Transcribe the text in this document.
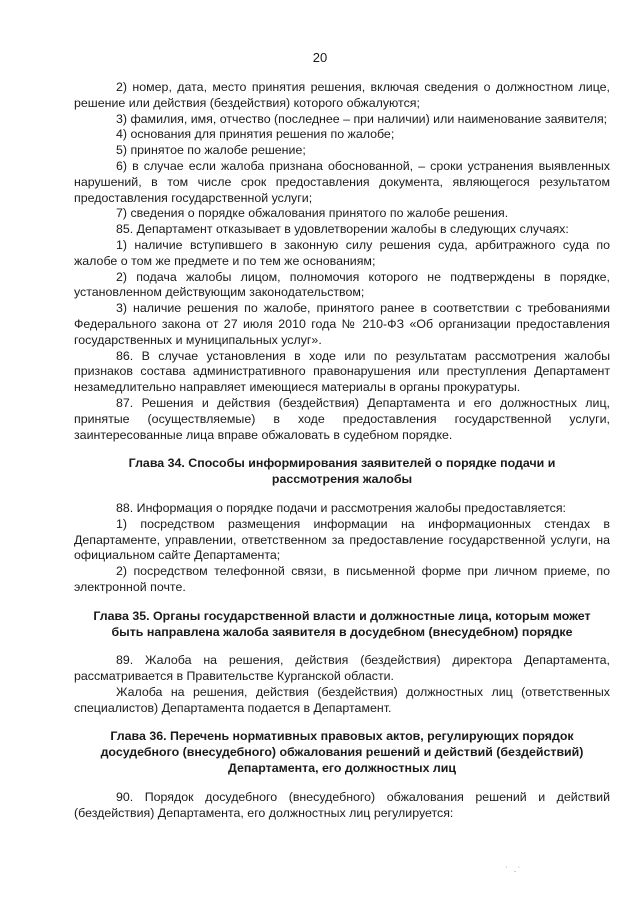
20

2) номер, дата, место принятия решения, включая сведения о должностном лице, решение или действия (бездействия) которого обжалуются;

3) фамилия, имя, отчество (последнее – при наличии) или наименование заявителя;

4) основания для принятия решения по жалобе;

5) принятое по жалобе решение;

6) в случае если жалоба признана обоснованной, – сроки устранения выявленных нарушений, в том числе срок предоставления документа, являющегося результатом предоставления государственной услуги;

7) сведения о порядке обжалования принятого по жалобе решения.

85. Департамент отказывает в удовлетворении жалобы в следующих случаях:

1) наличие вступившего в законную силу решения суда, арбитражного суда по жалобе о том же предмете и по тем же основаниям;

2) подача жалобы лицом, полномочия которого не подтверждены в порядке, установленном действующим законодательством;

3) наличие решения по жалобе, принятого ранее в соответствии с требованиями Федерального закона от 27 июля 2010 года № 210-ФЗ «Об организации предоставления государственных и муниципальных услуг».

86. В случае установления в ходе или по результатам рассмотрения жалобы признаков состава административного правонарушения или преступления Департамент незамедлительно направляет имеющиеся материалы в органы прокуратуры.

87. Решения и действия (бездействия) Департамента и его должностных лиц, принятые (осуществляемые) в ходе предоставления государственной услуги, заинтересованные лица вправе обжаловать в судебном порядке.

Глава 34. Способы информирования заявителей о порядке подачи и рассмотрения жалобы

88. Информация о порядке подачи и рассмотрения жалобы предоставляется:

1) посредством размещения информации на информационных стендах в Департаменте, управлении, ответственном за предоставление государственной услуги, на официальном сайте Департамента;

2) посредством телефонной связи, в письменной форме при личном приеме, по электронной почте.

Глава 35. Органы государственной власти и должностные лица, которым может быть направлена жалоба заявителя в досудебном (внесудебном) порядке

89. Жалоба на решения, действия (бездействия) директора Департамента, рассматривается в Правительстве Курганской области.

Жалоба на решения, действия (бездействия) должностных лиц (ответственных специалистов) Департамента подается в Департамент.

Глава 36. Перечень нормативных правовых актов, регулирующих порядок досудебного (внесудебного) обжалования решений и действий (бездействий) Департамента, его должностных лиц

90. Порядок досудебного (внесудебного) обжалования решений и действий (бездействия) Департамента, его должностных лиц регулируется:

˙ ·˙
